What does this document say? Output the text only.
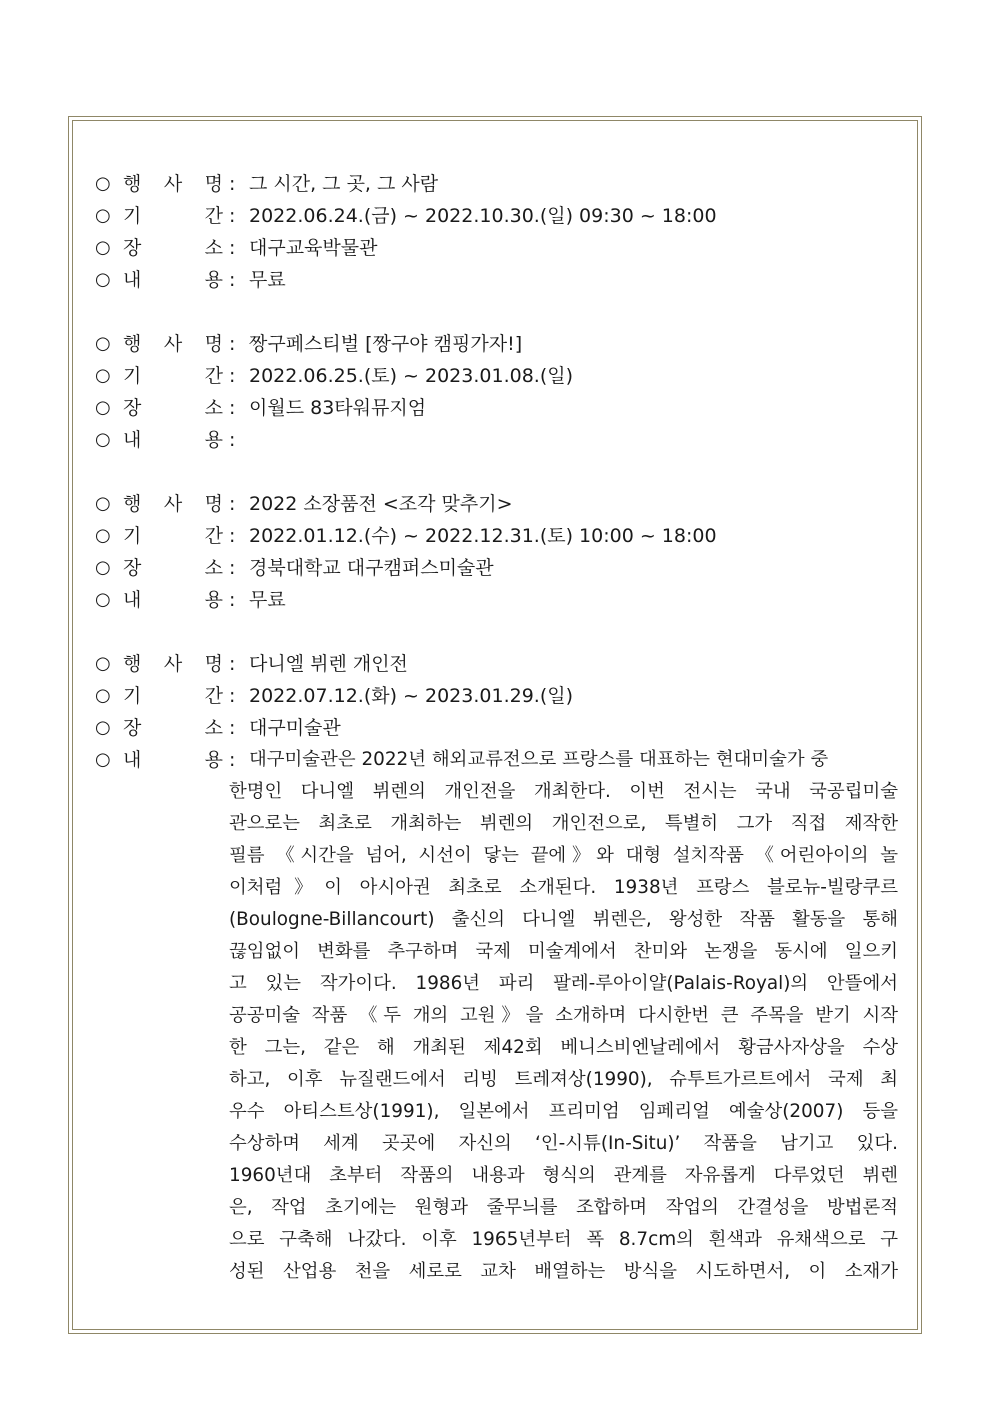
○ 행 사 명 : 그 시간, 그 곳, 그 사람
○ 기	간 : 2022.06.24.(금) ~ 2022.10.30.(일) 09:30 ~ 18:00
○ 장	소 : 대구교육박물관
○ 내	용 : 무료
○ 행 사 명 : 짱구페스티벌 [짱구야 캠핑가자!]
○ 기	간 : 2022.06.25.(토) ~ 2023.01.08.(일)
○ 장	소 : 이월드 83타워뮤지엄
○ 내	용 :
○ 행 사 명 : 2022 소장품전 <조각 맞추기>
○ 기	간 : 2022.01.12.(수) ~ 2022.12.31.(토) 10:00 ~ 18:00
○ 장	소 : 경북대학교 대구캠퍼스미술관
○ 내	용 : 무료
○ 행 사 명 : 다니엘 뷔렌 개인전
○ 기	간 : 2022.07.12.(화) ~ 2023.01.29.(일)
○ 장	소 : 대구미술관
○ 내	용 : 대구미술관은 2022년 해외교류전으로 프랑스를 대표하는 현대미술가 중
한명인 다니엘 뷔렌의 개인전을 개최한다. 이번 전시는 국내 국공립미술
관으로는 최초로 개최하는 뷔렌의 개인전으로, 특별히 그가 직접 제작한
필름 《시간을 넘어, 시선이 닿는 끝에》와 대형 설치작품 《어린아이의 놀
이처럼》이 아시아권 최초로 소개된다. 1938년 프랑스 블로뉴-빌랑쿠르
(Boulogne-Billancourt) 출신의 다니엘 뷔렌은, 왕성한 작품 활동을 통해
끊임없이 변화를 추구하며 국제 미술계에서 찬미와 논쟁을 동시에 일으키
고 있는 작가이다. 1986년 파리 팔레-루아이얄(Palais-Royal)의 안뜰에서
공공미술 작품 《두 개의 고원》을 소개하며 다시한번 큰 주목을 받기 시작
한 그는, 같은 해 개최된 제42회 베니스비엔날레에서 황금사자상을 수상
하고, 이후 뉴질랜드에서 리빙 트레져상(1990), 슈투트가르트에서 국제 최
우수 아티스트상(1991), 일본에서 프리미엄 임페리얼 예술상(2007) 등을
수상하며 세계 곳곳에 자신의 ‘인-시튜(In-Situ)’ 작품을 남기고 있다.
1960년대 초부터 작품의 내용과 형식의 관계를 자유롭게 다루었던 뷔렌
은, 작업 초기에는 원형과 줄무늬를 조합하며 작업의 간결성을 방법론적
으로 구축해 나갔다. 이후 1965년부터 폭 8.7cm의 흰색과 유채색으로 구
성된 산업용 천을 세로로 교차 배열하는 방식을 시도하면서, 이 소재가
